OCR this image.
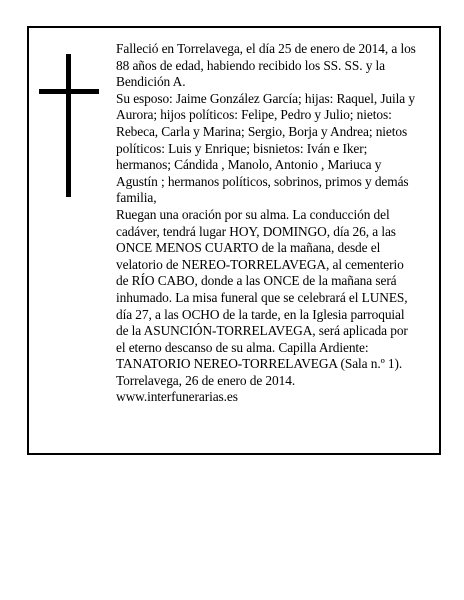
Falleció en Torrelavega, el día 25 de enero de 2014, a los 88 años de edad, habiendo recibido los SS. SS. y la Bendición A.

Su esposo: Jaime González García; hijas: Raquel, Juila y Aurora; hijos políticos: Felipe, Pedro y Julio; nietos: Rebeca, Carla y Marina; Sergio, Borja y Andrea; nietos políticos: Luis y Enrique; bisnietos: Iván e Iker; hermanos; Cándida , Manolo, Antonio , Mariuca y Agustín ; hermanos políticos, sobrinos, primos y demás familia,

Ruegan una oración por su alma. La conducción del cadáver, tendrá lugar HOY, DOMINGO, día 26, a las ONCE MENOS CUARTO de la mañana, desde el velatorio de NEREO-TORRELAVEGA, al cementerio de RÍO CABO, donde a las ONCE de la mañana será inhumado. La misa funeral que se celebrará el LUNES, día 27, a las OCHO de la tarde, en la Iglesia parroquial de la ASUNCIÓN-TORRELAVEGA, será aplicada por el eterno descanso de su alma. Capilla Ardiente: TANATORIO NEREO-TORRELAVEGA (Sala n.º 1).

Torrelavega, 26 de enero de 2014.

www.interfunerarias.es
